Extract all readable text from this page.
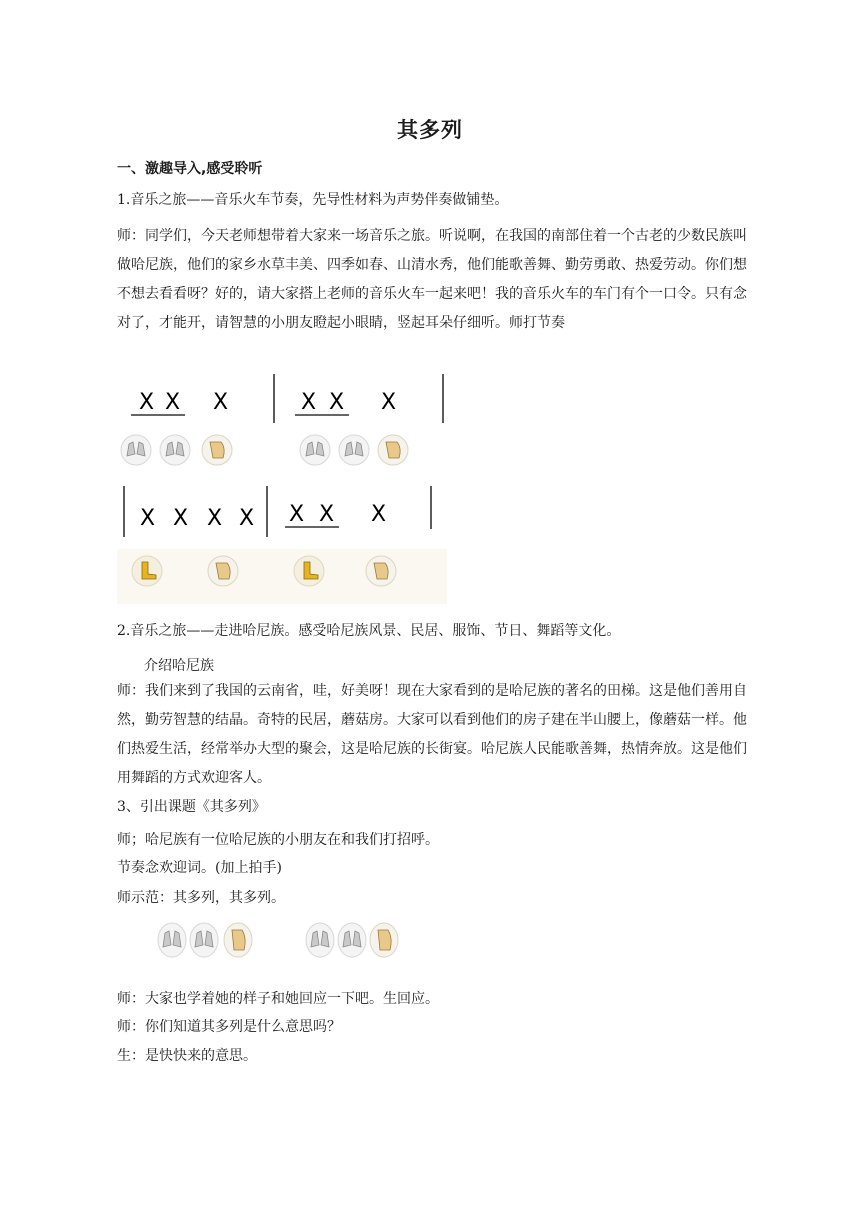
其多列
一、激趣导入,感受聆听
1.音乐之旅——音乐火车节奏，先导性材料为声势伴奏做铺垫。

师：同学们，今天老师想带着大家来一场音乐之旅。听说啊，在我国的南部住着一个古老的少数民族叫做哈尼族，他们的家乡水草丰美、四季如春、山清水秀，他们能歌善舞、勤劳勇敢、热爱劳动。你们想不想去看看呀？好的，请大家搭上老师的音乐火车一起来吧！我的音乐火车的车门有个一口令。只有念对了，才能开，请智慧的小朋友瞪起小眼睛，竖起耳朵仔细听。师打节奏

X X X	X X X
X X X X X X X
2.音乐之旅——走进哈尼族。感受哈尼族风景、民居、服饰、节日、舞蹈等文化。
介绍哈尼族

师：我们来到了我国的云南省，哇，好美呀！现在大家看到的是哈尼族的著名的田梯。这是他们善用自然，勤劳智慧的结晶。奇特的民居，蘑菇房。大家可以看到他们的房子建在半山腰上，像蘑菇一样。他们热爱生活，经常举办大型的聚会，这是哈尼族的长街宴。哈尼族人民能歌善舞，热情奔放。这是他们用舞蹈的方式欢迎客人。

3、引出课题《其多列》
师；哈尼族有一位哈尼族的小朋友在和我们打招呼。
节奏念欢迎词。(加上拍手)
师示范：其多列，其多列。
师：大家也学着她的样子和她回应一下吧。生回应。
师：你们知道其多列是什么意思吗？
生：是快快来的意思。
